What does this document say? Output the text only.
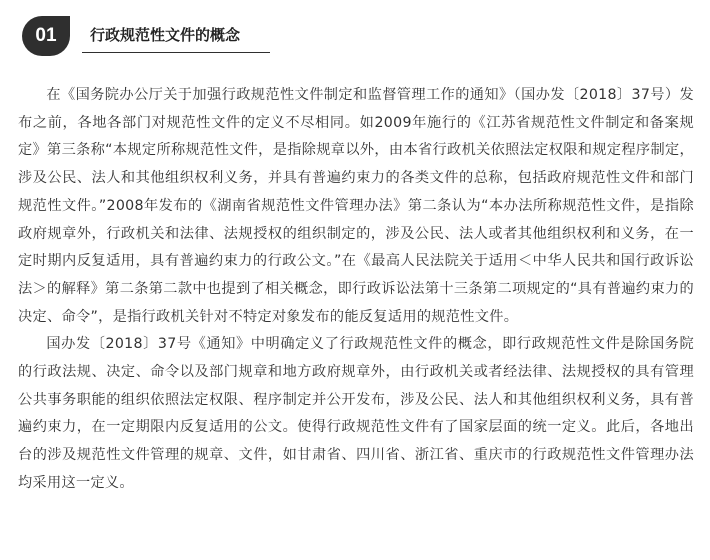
01	行政规范性文件的概念

在《国务院办公厅关于加强行政规范性文件制定和监督管理工作的通知》（国办发〔2018〕37号）发布之前，各地各部门对规范性文件的定义不尽相同。如2009年施行的《江苏省规范性文件制定和备案规定》第三条称“本规定所称规范性文件，是指除规章以外，由本省行政机关依照法定权限和规定程序制定，涉及公民、法人和其他组织权利义务，并具有普遍约束力的各类文件的总称，包括政府规范性文件和部门规范性文件。”2008年发布的《湖南省规范性文件管理办法》第二条认为“本办法所称规范性文件，是指除政府规章外，行政机关和法律、法规授权的组织制定的，涉及公民、法人或者其他组织权利和义务，在一定时期内反复适用，具有普遍约束力的行政公文。”在《最高人民法院关于适用＜中华人民共和国行政诉讼法＞的解释》第二条第二款中也提到了相关概念，即行政诉讼法第十三条第二项规定的“具有普遍约束力的决定、命令”，是指行政机关针对不特定对象发布的能反复适用的规范性文件。

国办发〔2018〕37号《通知》中明确定义了行政规范性文件的概念，即行政规范性文件是除国务院的行政法规、决定、命令以及部门规章和地方政府规章外，由行政机关或者经法律、法规授权的具有管理公共事务职能的组织依照法定权限、程序制定并公开发布，涉及公民、法人和其他组织权利义务，具有普遍约束力，在一定期限内反复适用的公文。使得行政规范性文件有了国家层面的统一定义。此后，各地出台的涉及规范性文件管理的规章、文件，如甘肃省、四川省、浙江省、重庆市的行政规范性文件管理办法均采用这一定义。
